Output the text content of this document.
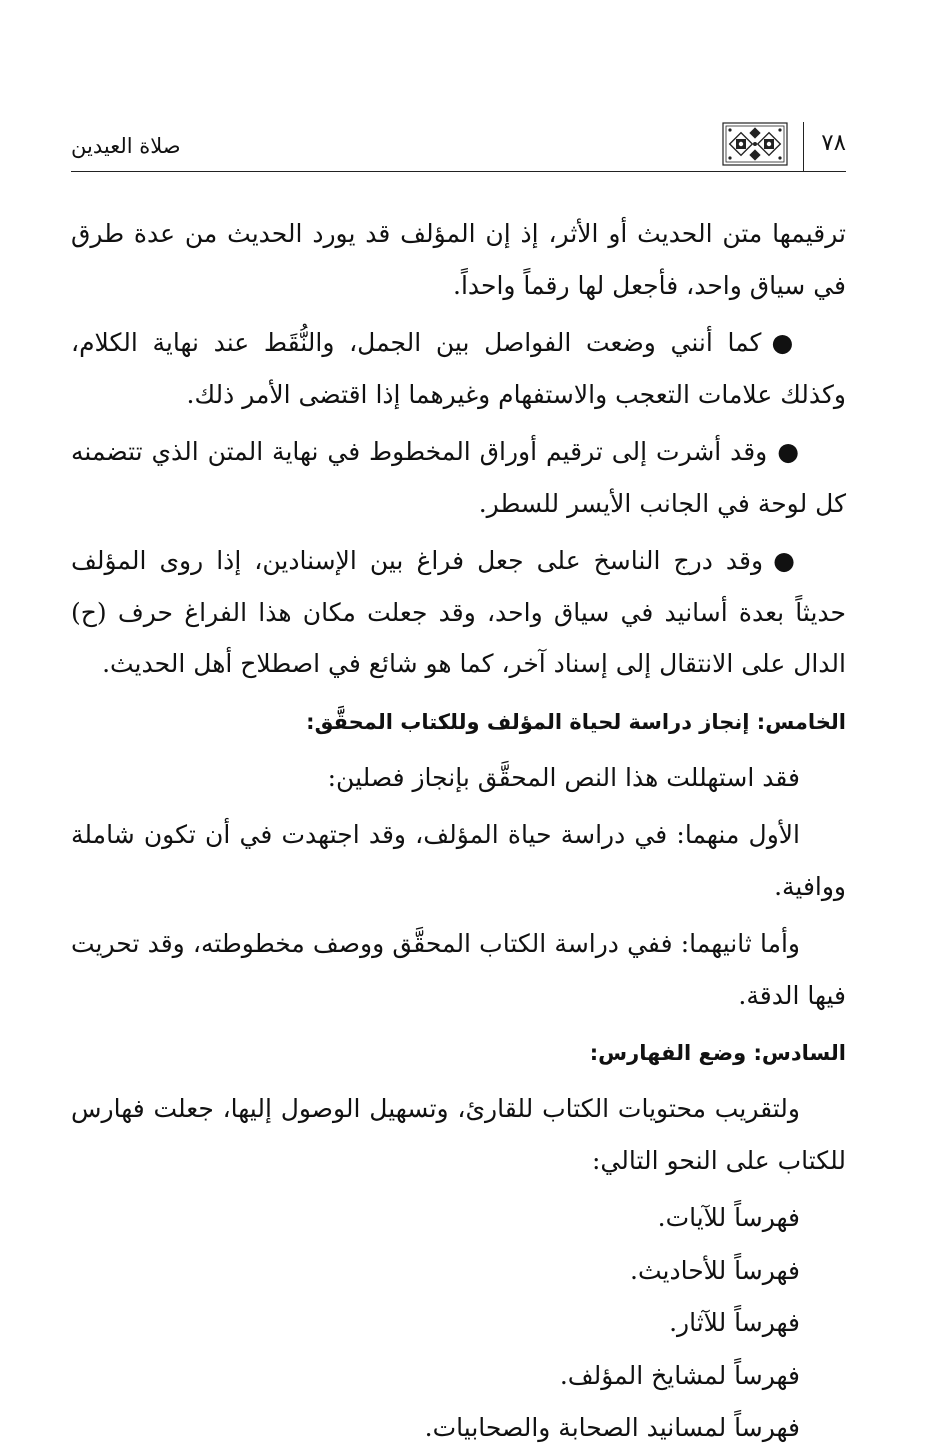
صلاة العيدين	٧٨

ترقيمها متن الحديث أو الأثر، إذ إن المؤلف قد يورد الحديث من عدة طرق في سياق واحد، فأجعل لها رقماً واحداً.

●كما أنني وضعت الفواصل بين الجمل، والنُّقَط عند نهاية الكلام، وكذلك علامات التعجب والاستفهام وغيرهما إذا اقتضى الأمر ذلك.

●وقد أشرت إلى ترقيم أوراق المخطوط في نهاية المتن الذي تتضمنه كل لوحة في الجانب الأيسر للسطر.

●وقد درج الناسخ على جعل فراغ بين الإسنادين، إذا روى المؤلف حديثاً بعدة أسانيد في سياق واحد، وقد جعلت مكان هذا الفراغ حرف (ح) الدال على الانتقال إلى إسناد آخر، كما هو شائع في اصطلاح أهل الحديث.

الخامس: إنجاز دراسة لحياة المؤلف وللكتاب المحقَّق:

فقد استهللت هذا النص المحقَّق بإنجاز فصلين:

الأول منهما: في دراسة حياة المؤلف، وقد اجتهدت في أن تكون شاملة ووافية.

وأما ثانيهما: ففي دراسة الكتاب المحقَّق ووصف مخطوطته، وقد تحريت فيها الدقة.

السادس: وضع الفهارس:

ولتقريب محتويات الكتاب للقارئ، وتسهيل الوصول إليها، جعلت فهارس للكتاب على النحو التالي:

فهرساً للآيات.

فهرساً للأحاديث.

فهرساً للآثار.

فهرساً لمشايخ المؤلف.

فهرساً لمسانيد الصحابة والصحابيات.
